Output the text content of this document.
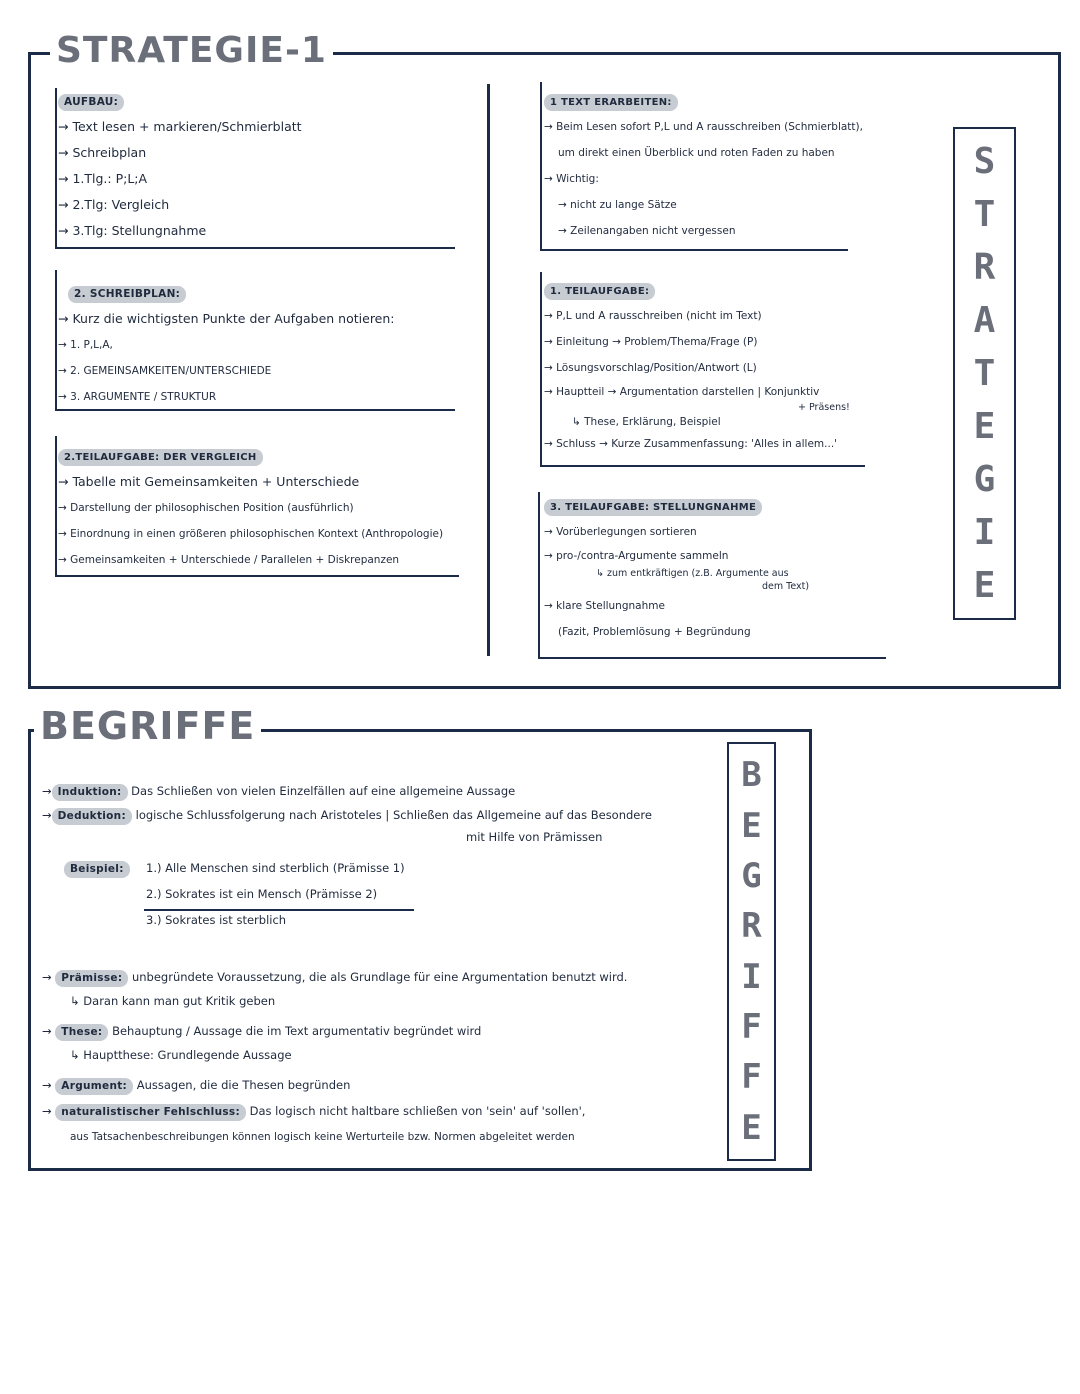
STRATEGIE-1
AUFBAU:
→ Text lesen + markieren/Schmierblatt
→ Schreibplan
→ 1.Tlg.: P;L;A
→ 2.Tlg: Vergleich
→ 3.Tlg: Stellungnahme
2. SCHREIBPLAN:
→ Kurz die wichtigsten Punkte der Aufgaben notieren:
→ 1. P,L,A,
→ 2. GEMEINSAMKEITEN/UNTERSCHIEDE
→ 3. ARGUMENTE / STRUKTUR
2.TEILAUFGABE: DER VERGLEICH
→ Tabelle mit Gemeinsamkeiten + Unterschiede
→ Darstellung der philosophischen Position (ausführlich)
→ Einordnung in einen größeren philosophischen Kontext (Anthropologie)
→ Gemeinsamkeiten + Unterschiede / Parallelen + Diskrepanzen
1 TEXT ERARBEITEN:
→ Beim Lesen sofort P,L und A rausschreiben (Schmierblatt),
um direkt einen Überblick und roten Faden zu haben
→ Wichtig:
→ nicht zu lange Sätze
→ Zeilenangaben nicht vergessen
1. TEILAUFGABE:
→ P,L und A rausschreiben (nicht im Text)
→ Einleitung → Problem/Thema/Frage (P)
→ Lösungsvorschlag/Position/Antwort (L)
→ Hauptteil → Argumentation darstellen | Konjunktiv
+ Präsens!
↳ These, Erklärung, Beispiel
→ Schluss → Kurze Zusammenfassung: 'Alles in allem...'
3. TEILAUFGABE: STELLUNGNAHME
→ Vorüberlegungen sortieren
→ pro-/contra-Argumente sammeln
↳ zum entkräftigen (z.B. Argumente aus
dem Text)
→ klare Stellungnahme
(Fazit, Problemlösung + Begründung
S
T
R
A
T
E
G
I
E
BEGRIFFE
→ Induktion: Das Schließen von vielen Einzelfällen auf eine allgemeine Aussage
→ Deduktion: logische Schlussfolgerung nach Aristoteles | Schließen das Allgemeine auf das Besondere
mit Hilfe von Prämissen
Beispiel: 1.) Alle Menschen sind sterblich (Prämisse 1)
2.) Sokrates ist ein Mensch (Prämisse 2)
3.) Sokrates ist sterblich
→ Prämisse: unbegründete Voraussetzung, die als Grundlage für eine Argumentation benutzt wird.
↳ Daran kann man gut Kritik geben
→ These: Behauptung / Aussage die im Text argumentativ begründet wird
↳ Hauptthese: Grundlegende Aussage
→ Argument: Aussagen, die die Thesen begründen
→ naturalistischer Fehlschluss: Das logisch nicht haltbare schließen von 'sein' auf 'sollen',
aus Tatsachenbeschreibungen können logisch keine Werturteile bzw. Normen abgeleitet werden
B
E
G
R
I
F
F
E
